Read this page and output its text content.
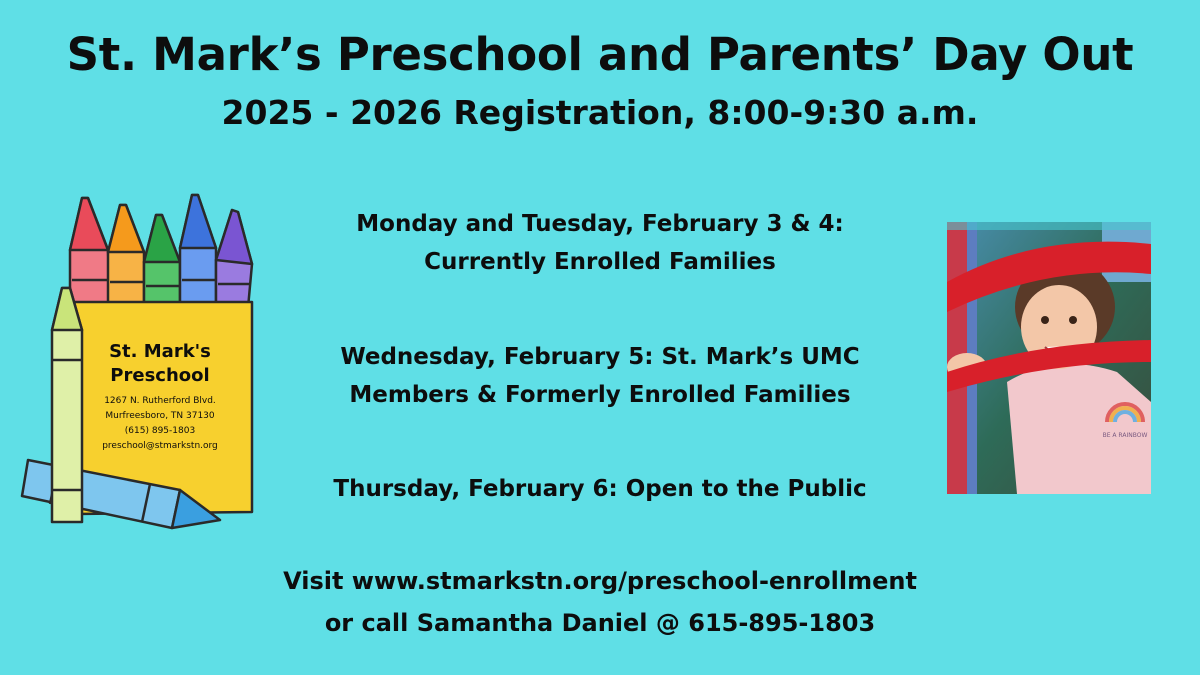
St. Mark’s Preschool and Parents’ Day Out
2025 - 2026 Registration, 8:00-9:30 a.m.
St. Mark's
Preschool
1267 N. Rutherford Blvd.
Murfreesboro, TN 37130
(615) 895-1803
preschool@stmarkstn.org

Monday and Tuesday, February 3 & 4:

Currently Enrolled Families

Wednesday, February 5: St. Mark’s UMC

Members & Formerly Enrolled Families

Thursday, February 6: Open to the Public

Visit www.stmarkstn.org/preschool-enrollment

or call Samantha Daniel @ 615-895-1803

BE A RAINBOW
